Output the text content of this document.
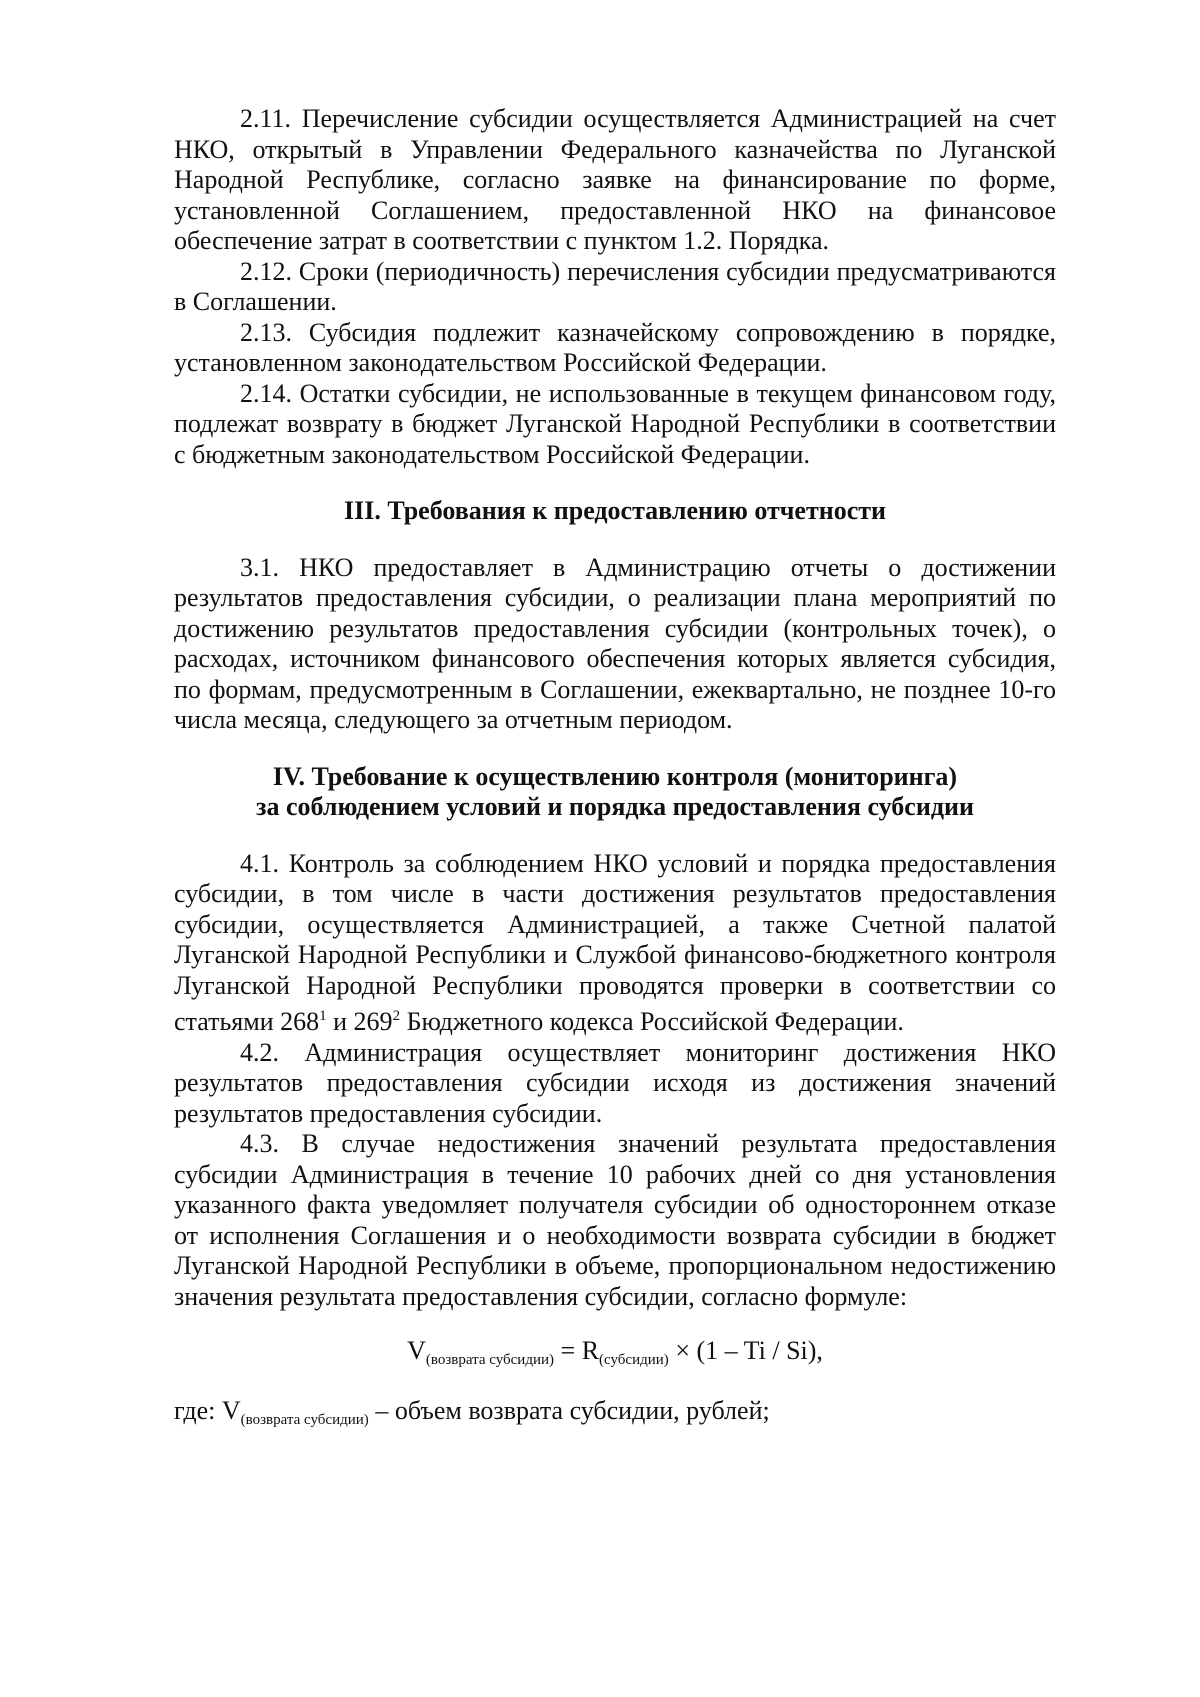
2.11. Перечисление субсидии осуществляется Администрацией на счет НКО, открытый в Управлении Федерального казначейства по Луганской Народной Республике, согласно заявке на финансирование по форме, установленной Соглашением, предоставленной НКО на финансовое обеспечение затрат в соответствии с пунктом 1.2. Порядка.

2.12. Сроки (периодичность) перечисления субсидии предусматриваются в Соглашении.

2.13. Субсидия подлежит казначейскому сопровождению в порядке, установленном законодательством Российской Федерации.

2.14. Остатки субсидии, не использованные в текущем финансовом году, подлежат возврату в бюджет Луганской Народной Республики в соответствии с бюджетным законодательством Российской Федерации.

III. Требования к предоставлению отчетности

3.1. НКО предоставляет в Администрацию отчеты о достижении результатов предоставления субсидии, о реализации плана мероприятий по достижению результатов предоставления субсидии (контрольных точек), о расходах, источником финансового обеспечения которых является субсидия, по формам, предусмотренным в Соглашении, ежеквартально, не позднее 10-го числа месяца, следующего за отчетным периодом.

IV. Требование к осуществлению контроля (мониторинга)

за соблюдением условий и порядка предоставления субсидии

4.1. Контроль за соблюдением НКО условий и порядка предоставления субсидии, в том числе в части достижения результатов предоставления субсидии, осуществляется Администрацией, а также Счетной палатой Луганской Народной Республики и Службой финансово-бюджетного контроля Луганской Народной Республики проводятся проверки в соответствии со статьями $268^1$ и $269^2$ Бюджетного кодекса Российской Федерации.

4.2. Администрация осуществляет мониторинг достижения НКО результатов предоставления субсидии исходя из достижения значений результатов предоставления субсидии.

4.3. В случае недостижения значений результата предоставления субсидии Администрация в течение 10 рабочих дней со дня установления указанного факта уведомляет получателя субсидии об одностороннем отказе от исполнения Соглашения и о необходимости возврата субсидии в бюджет Луганской Народной Республики в объеме, пропорциональном недостижению значения результата предоставления субсидии, согласно формуле:

$V_{(возврата субсидии)} = R_{(субсидии)} \times (1 - Ti / Si)$,

где: $V_{(возврата субсидии)}$ – объем возврата субсидии, рублей;
